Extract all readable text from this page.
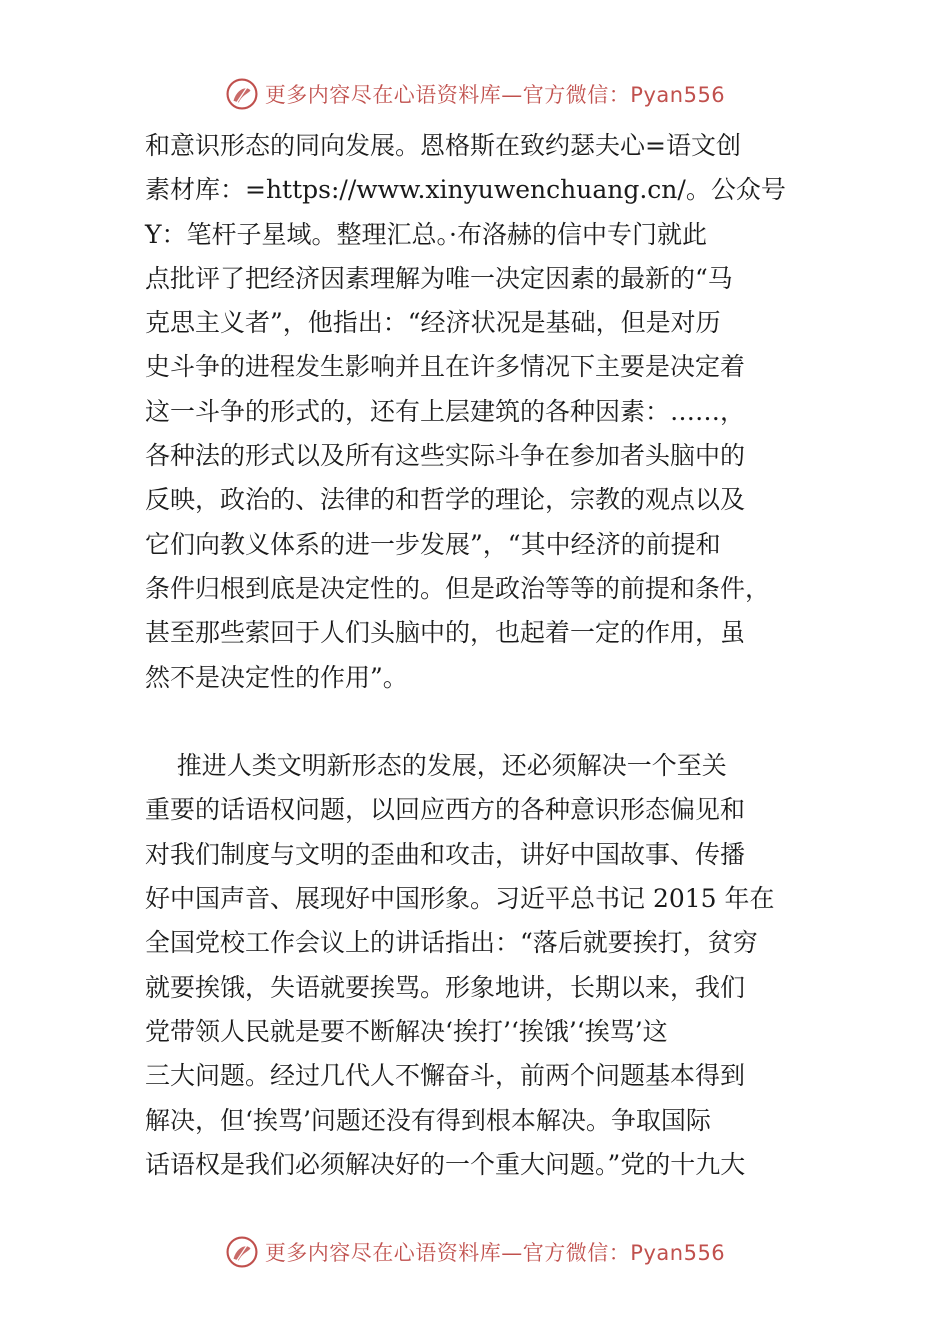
更多内容尽在心语资料库—官方微信：Pyan556

和意识形态的同向发展。恩格斯在致约瑟夫心=语文创

素材库：=https://www.xinyuwenchuang.cn/。公众号

Y：笔杆子星域。整理汇总。·布洛赫的信中专门就此

点批评了把经济因素理解为唯一决定因素的最新的“马

克思主义者”，他指出：“经济状况是基础，但是对历

史斗争的进程发生影响并且在许多情况下主要是决定着

这一斗争的形式的，还有上层建筑的各种因素：……，

各种法的形式以及所有这些实际斗争在参加者头脑中的

反映，政治的、法律的和哲学的理论，宗教的观点以及

它们向教义体系的进一步发展”，“其中经济的前提和

条件归根到底是决定性的。但是政治等等的前提和条件，

甚至那些萦回于人们头脑中的，也起着一定的作用，虽

然不是决定性的作用”。

推进人类文明新形态的发展，还必须解决一个至关

重要的话语权问题，以回应西方的各种意识形态偏见和

对我们制度与文明的歪曲和攻击，讲好中国故事、传播

好中国声音、展现好中国形象。习近平总书记 2015 年在

全国党校工作会议上的讲话指出：“落后就要挨打，贫穷

就要挨饿，失语就要挨骂。形象地讲，长期以来，我们

党带领人民就是要不断解决‘挨打’‘挨饿’‘挨骂’这

三大问题。经过几代人不懈奋斗，前两个问题基本得到

解决，但‘挨骂’问题还没有得到根本解决。争取国际

话语权是我们必须解决好的一个重大问题。”党的十九大

更多内容尽在心语资料库—官方微信：Pyan556
